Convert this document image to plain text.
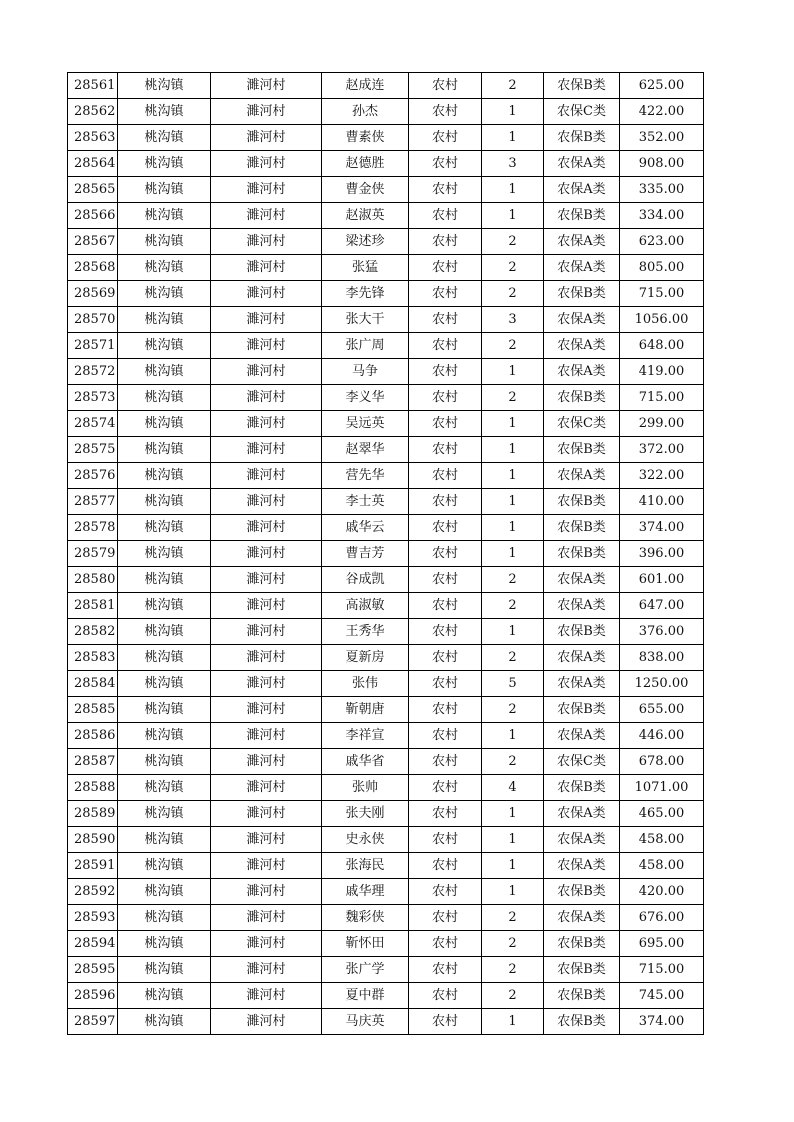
28561	桃沟镇	濉河村	赵成连	农村	2	农保B类	625.00
28562	桃沟镇	濉河村	孙杰	农村	1	农保C类	422.00
28563	桃沟镇	濉河村	曹素侠	农村	1	农保B类	352.00
28564	桃沟镇	濉河村	赵德胜	农村	3	农保A类	908.00
28565	桃沟镇	濉河村	曹金侠	农村	1	农保A类	335.00
28566	桃沟镇	濉河村	赵淑英	农村	1	农保B类	334.00
28567	桃沟镇	濉河村	梁述珍	农村	2	农保A类	623.00
28568	桃沟镇	濉河村	张猛	农村	2	农保A类	805.00
28569	桃沟镇	濉河村	李先锋	农村	2	农保B类	715.00
28570	桃沟镇	濉河村	张大干	农村	3	农保A类	1056.00
28571	桃沟镇	濉河村	张广周	农村	2	农保A类	648.00
28572	桃沟镇	濉河村	马争	农村	1	农保A类	419.00
28573	桃沟镇	濉河村	李义华	农村	2	农保B类	715.00
28574	桃沟镇	濉河村	吴远英	农村	1	农保C类	299.00
28575	桃沟镇	濉河村	赵翠华	农村	1	农保B类	372.00
28576	桃沟镇	濉河村	营先华	农村	1	农保A类	322.00
28577	桃沟镇	濉河村	李士英	农村	1	农保B类	410.00
28578	桃沟镇	濉河村	戚华云	农村	1	农保B类	374.00
28579	桃沟镇	濉河村	曹吉芳	农村	1	农保B类	396.00
28580	桃沟镇	濉河村	谷成凯	农村	2	农保A类	601.00
28581	桃沟镇	濉河村	高淑敏	农村	2	农保A类	647.00
28582	桃沟镇	濉河村	王秀华	农村	1	农保B类	376.00
28583	桃沟镇	濉河村	夏新房	农村	2	农保A类	838.00
28584	桃沟镇	濉河村	张伟	农村	5	农保A类	1250.00
28585	桃沟镇	濉河村	靳朝唐	农村	2	农保B类	655.00
28586	桃沟镇	濉河村	李祥宣	农村	1	农保A类	446.00
28587	桃沟镇	濉河村	戚华省	农村	2	农保C类	678.00
28588	桃沟镇	濉河村	张帅	农村	4	农保B类	1071.00
28589	桃沟镇	濉河村	张夫刚	农村	1	农保A类	465.00
28590	桃沟镇	濉河村	史永侠	农村	1	农保A类	458.00
28591	桃沟镇	濉河村	张海民	农村	1	农保A类	458.00
28592	桃沟镇	濉河村	戚华理	农村	1	农保B类	420.00
28593	桃沟镇	濉河村	魏彩侠	农村	2	农保A类	676.00
28594	桃沟镇	濉河村	靳怀田	农村	2	农保B类	695.00
28595	桃沟镇	濉河村	张广学	农村	2	农保B类	715.00
28596	桃沟镇	濉河村	夏中群	农村	2	农保B类	745.00
28597	桃沟镇	濉河村	马庆英	农村	1	农保B类	374.00
